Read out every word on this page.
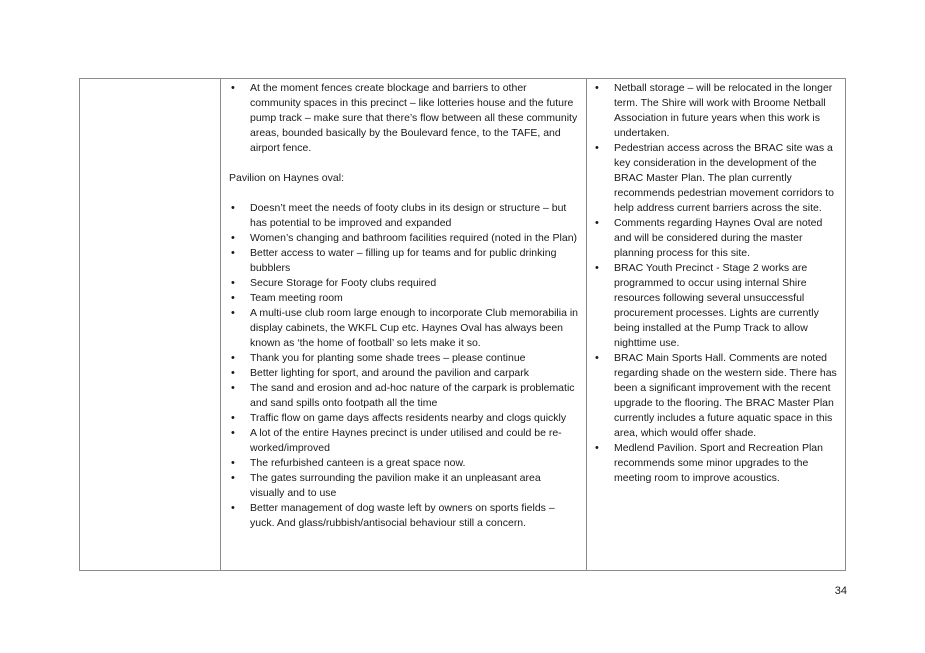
• At the moment fences create blockage and barriers to other community spaces in this precinct – like lotteries house and the future pump track – make sure that there’s flow between all these community areas, bounded basically by the Boulevard fence, to the TAFE, and airport fence.
Pavilion on Haynes oval:
• Doesn’t meet the needs of footy clubs in its design or structure – but has potential to be improved and expanded
• Women’s changing and bathroom facilities required (noted in the Plan)
• Better access to water – filling up for teams and for public drinking bubblers
• Secure Storage for Footy clubs required
• Team meeting room
• A multi-use club room large enough to incorporate Club memorabilia in display cabinets, the WKFL Cup etc. Haynes Oval has always been known as ‘the home of football’ so lets make it so.
• Thank you for planting some shade trees – please continue
• Better lighting for sport, and around the pavilion and carpark
• The sand and erosion and ad-hoc nature of the carpark is problematic and sand spills onto footpath all the time
• Traffic flow on game days affects residents nearby and clogs quickly
• A lot of the entire Haynes precinct is under utilised and could be re-worked/improved
• The refurbished canteen is a great space now.
• The gates surrounding the pavilion make it an unpleasant area visually and to use
• Better management of dog waste left by owners on sports fields – yuck. And glass/rubbish/antisocial behaviour still a concern.
• Netball storage – will be relocated in the longer term. The Shire will work with Broome Netball Association in future years when this work is undertaken.
• Pedestrian access across the BRAC site was a key consideration in the development of the BRAC Master Plan. The plan currently recommends pedestrian movement corridors to help address current barriers across the site.
• Comments regarding Haynes Oval are noted and will be considered during the master planning process for this site.
• BRAC Youth Precinct - Stage 2 works are programmed to occur using internal Shire resources following several unsuccessful procurement processes. Lights are currently being installed at the Pump Track to allow nighttime use.
• BRAC Main Sports Hall. Comments are noted regarding shade on the western side. There has been a significant improvement with the recent upgrade to the flooring. The BRAC Master Plan currently includes a future aquatic space in this area, which would offer shade.
• Medlend Pavilion. Sport and Recreation Plan recommends some minor upgrades to the meeting room to improve acoustics.
34
